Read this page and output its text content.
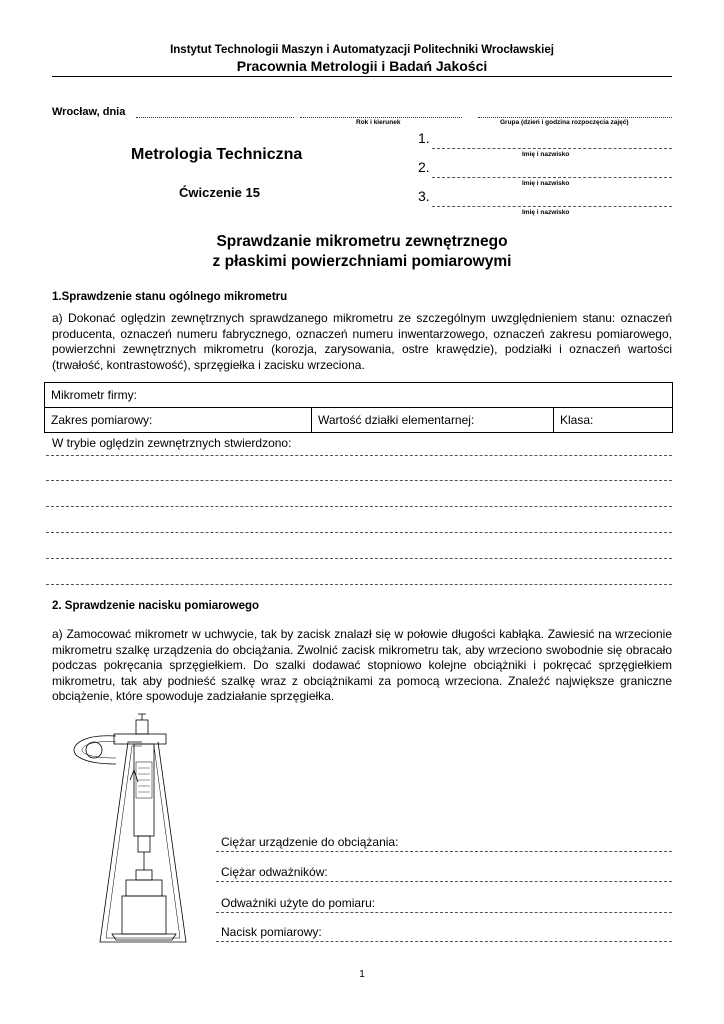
Instytut Technologii Maszyn i Automatyzacji Politechniki Wrocławskiej
Pracownia Metrologii i Badań Jakości
Wrocław, dnia
Rok i kierunek	Grupa (dzień i godzina rozpoczęcia zajęć)
Metrologia Techniczna
Ćwiczenie 15
1.
Imię i nazwisko
2.
Imię i nazwisko
3.
Imię i nazwisko
Sprawdzanie mikrometru zewnętrznego
z płaskimi powierzchniami pomiarowymi
1.Sprawdzenie stanu ogólnego mikrometru
a) Dokonać oględzin zewnętrznych sprawdzanego mikrometru ze szczególnym uwzględnieniem stanu: oznaczeń producenta, oznaczeń numeru fabrycznego, oznaczeń numeru inwentarzowego, oznaczeń zakresu pomiarowego, powierzchni zewnętrznych mikrometru (korozja, zarysowania, ostre krawędzie), podziałki i oznaczeń wartości (trwałość, kontrastowość), sprzęgiełka i zacisku wrzeciona.
Mikrometr firmy:
Zakres pomiarowy:	Wartość działki elementarnej:	Klasa:
W trybie oględzin zewnętrznych stwierdzono:
2. Sprawdzenie nacisku pomiarowego
a) Zamocować mikrometr w uchwycie, tak by zacisk znalazł się w połowie długości kabłąka. Zawiesić na wrzecionie mikrometru szalkę urządzenia do obciążania. Zwolnić zacisk mikrometru tak, aby wrzeciono swobodnie się obracało podczas pokręcania sprzęgiełkiem. Do szalki dodawać stopniowo kolejne obciążniki i pokręcać sprzęgiełkiem mikrometru, tak aby podnieść szalkę wraz z obciążnikami za pomocą wrzeciona. Znaleźć największe graniczne obciążenie, które spowoduje zadziałanie sprzęgiełka.
Ciężar urządzenie do obciążania:
Ciężar odważników:
Odważniki użyte do pomiaru:
Nacisk pomiarowy:
1
